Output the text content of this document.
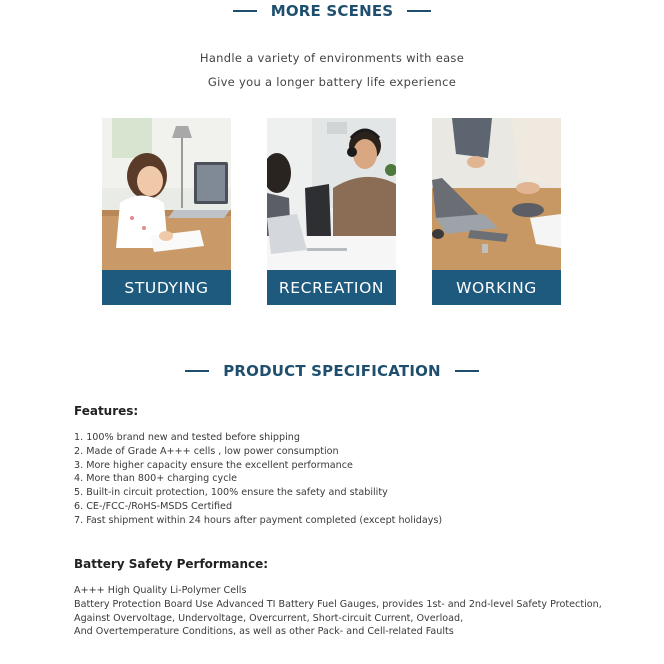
MORE SCENES
Handle a variety of environments with ease
Give you a longer battery life experience
STUDYING	RECREATION	WORKING
PRODUCT SPECIFICATION
Features:
1. 100% brand new and tested before shipping
2. Made of Grade A+++ cells , low power consumption
3. More higher capacity ensure the excellent performance
4. More than 800+ charging cycle
5. Built-in circuit protection, 100% ensure the safety and stability
6. CE-/FCC-/RoHS-MSDS Certified
7. Fast shipment within 24 hours after payment completed (except holidays)
Battery Safety Performance:
A+++ High Quality Li-Polymer Cells
Battery Protection Board Use Advanced TI Battery Fuel Gauges, provides 1st- and 2nd-level Safety Protection,
Against Overvoltage, Undervoltage, Overcurrent, Short-circuit Current, Overload,
And Overtemperature Conditions, as well as other Pack- and Cell-related Faults
